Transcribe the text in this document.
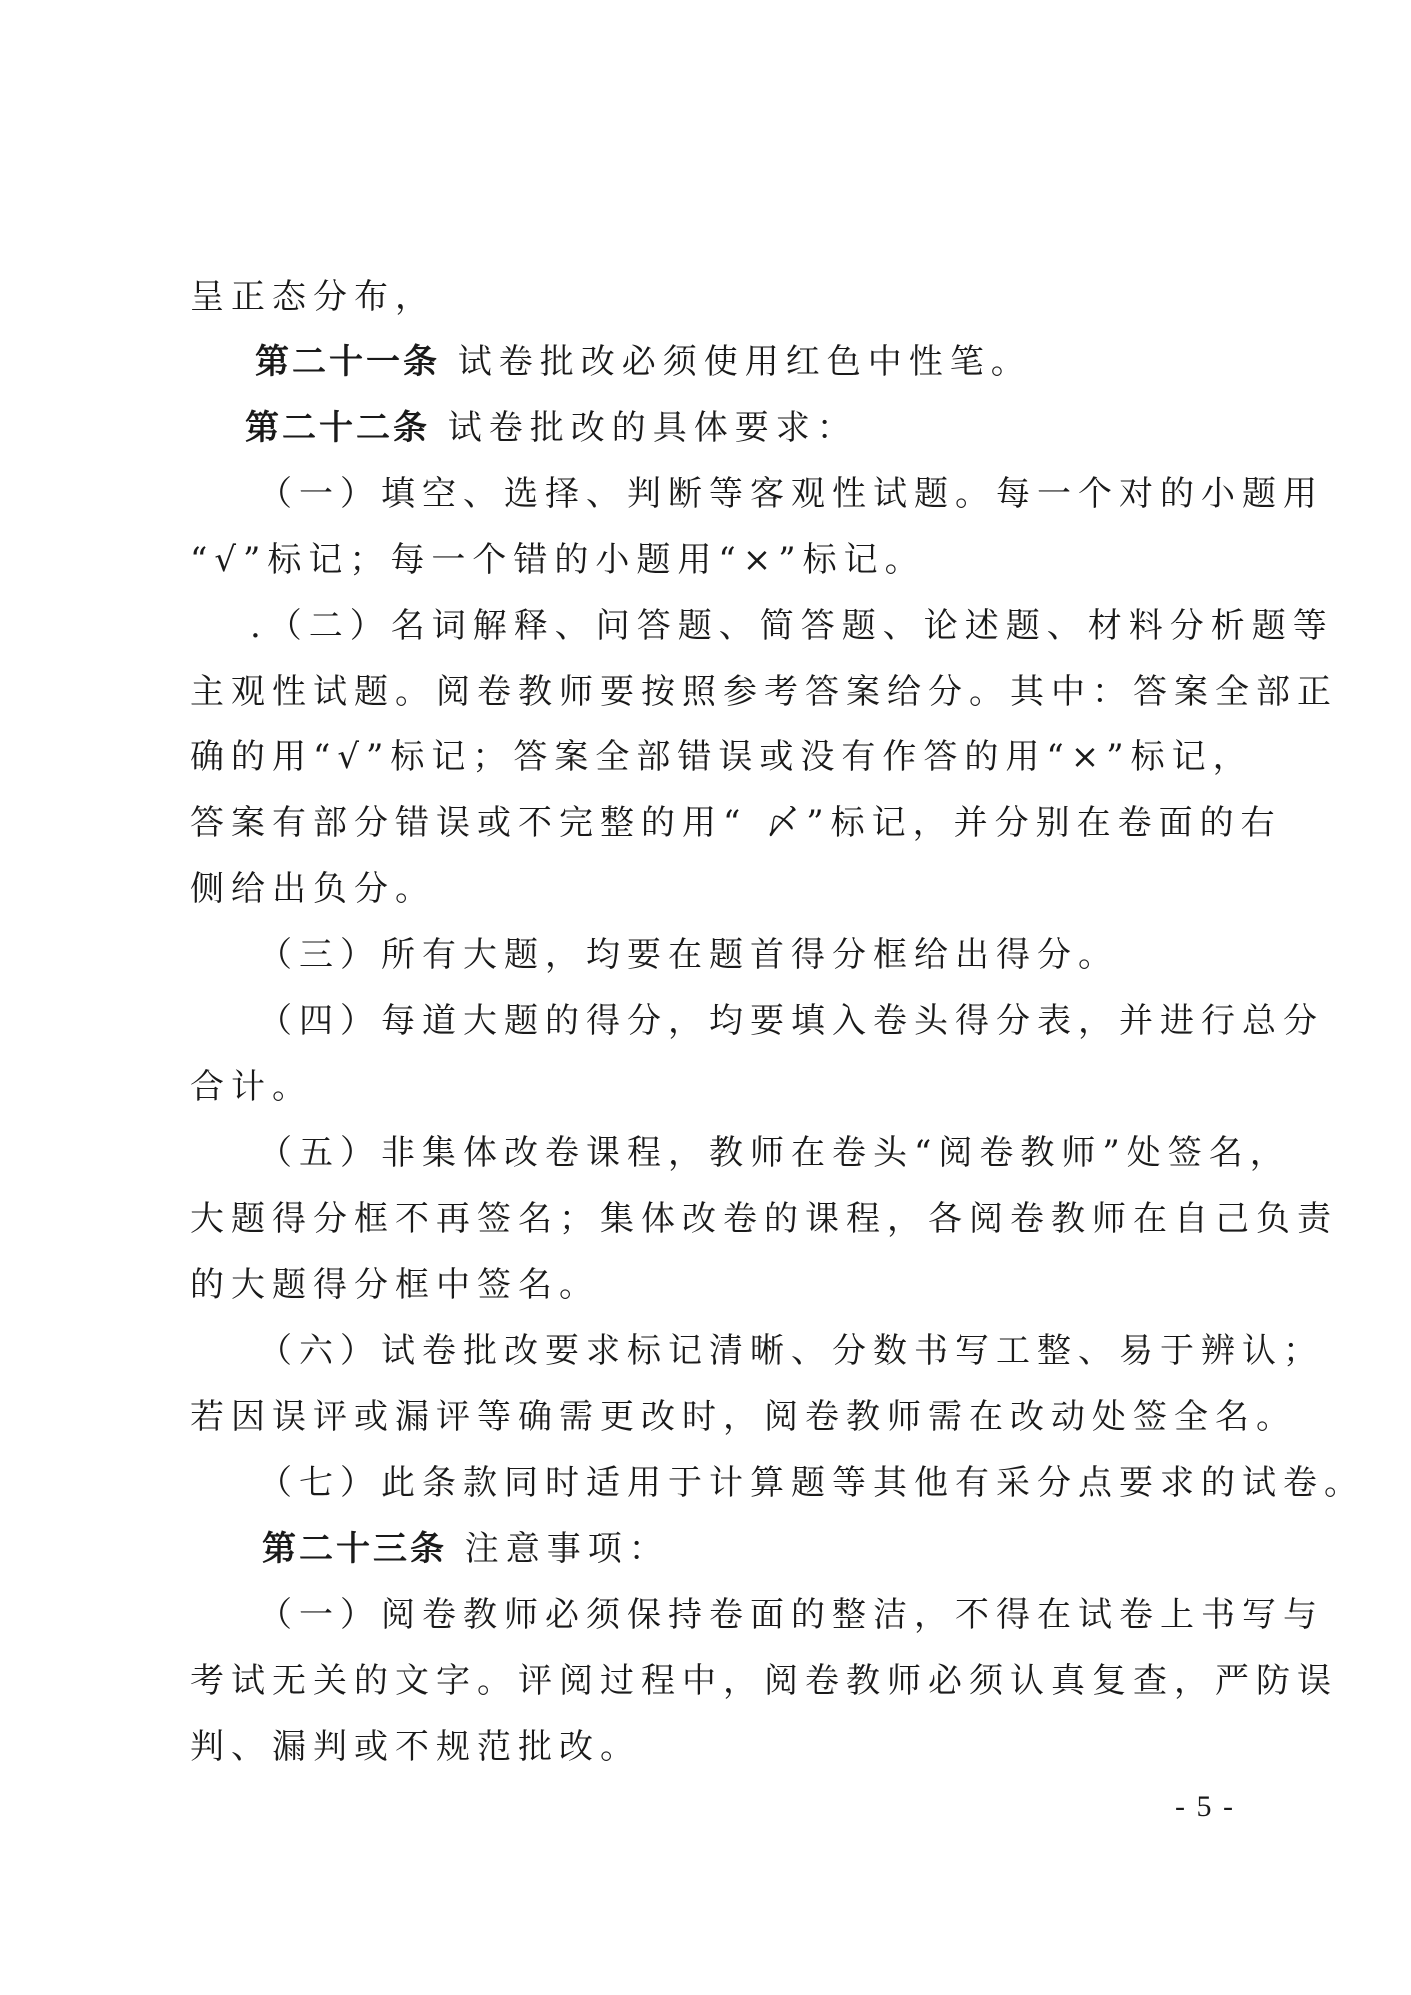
呈正态分布，
第二十一条 试卷批改必须使用红色中性笔。
第二十二条 试卷批改的具体要求：
（一）填空、选择、判断等客观性试题。每一个对的小题用
“√”标记；每一个错的小题用“×”标记。
.（二）名词解释、问答题、简答题、论述题、材料分析题等
主观性试题。阅卷教师要按照参考答案给分。其中：答案全部正
确的用“√”标记；答案全部错误或没有作答的用“×”标记，
答案有部分错误或不完整的用“ 〆”标记，并分别在卷面的右
侧给出负分。
（三）所有大题，均要在题首得分框给出得分。
（四）每道大题的得分，均要填入卷头得分表，并进行总分
合计。
（五）非集体改卷课程，教师在卷头“阅卷教师”处签名，
大题得分框不再签名；集体改卷的课程，各阅卷教师在自己负责
的大题得分框中签名。
（六）试卷批改要求标记清晰、分数书写工整、易于辨认；
若因误评或漏评等确需更改时，阅卷教师需在改动处签全名。
（七）此条款同时适用于计算题等其他有采分点要求的试卷。
第二十三条 注意事项：
（一）阅卷教师必须保持卷面的整洁，不得在试卷上书写与
考试无关的文字。评阅过程中，阅卷教师必须认真复查，严防误
判、漏判或不规范批改。
- 5 -
